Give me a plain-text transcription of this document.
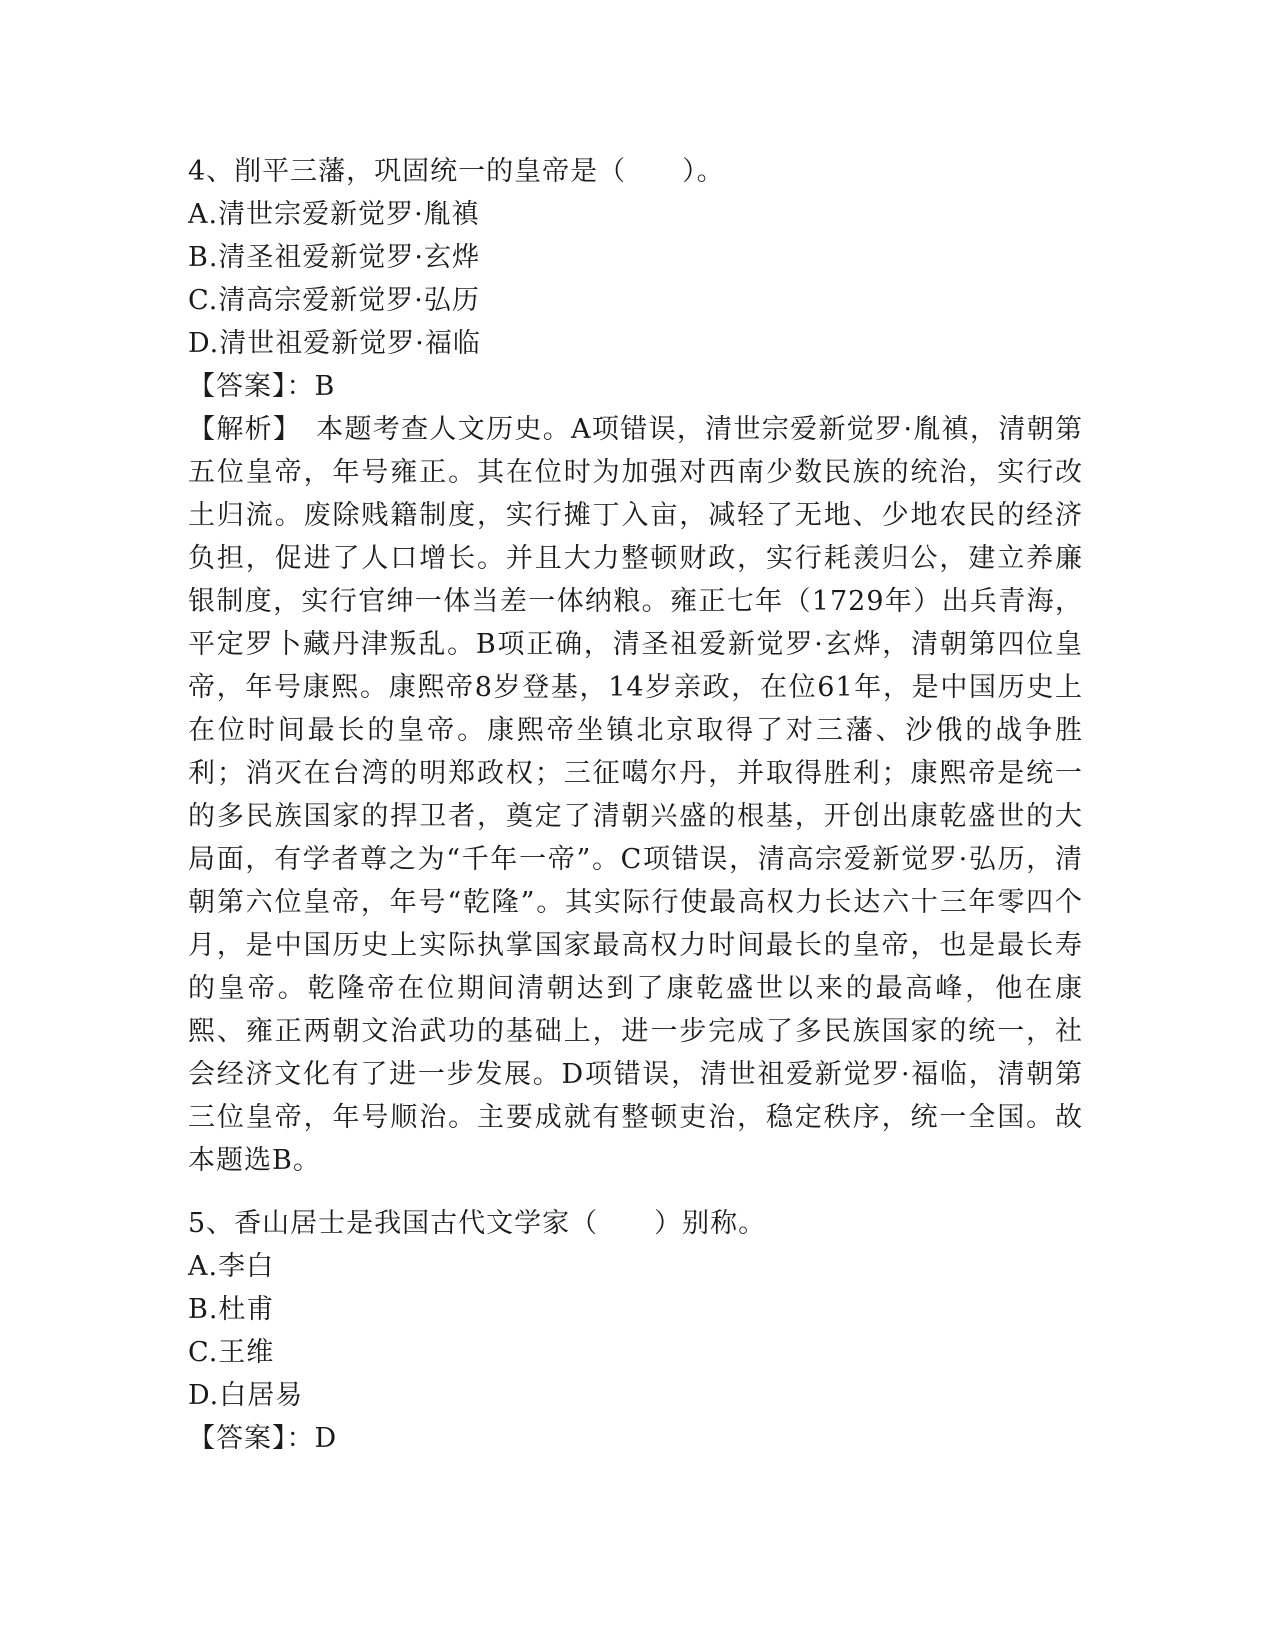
4、削平三藩，巩固统一的皇帝是（　　）。
A.清世宗爱新觉罗·胤禛
B.清圣祖爱新觉罗·玄烨
C.清高宗爱新觉罗·弘历
D.清世祖爱新觉罗·福临
【答案】：B
【解析】　本题考查人文历史。A项错误，清世宗爱新觉罗·胤禛，清朝第五位皇帝，年号雍正。其在位时为加强对西南少数民族的统治，实行改土归流。废除贱籍制度，实行摊丁入亩，减轻了无地、少地农民的经济负担，促进了人口增长。并且大力整顿财政，实行耗羡归公，建立养廉银制度，实行官绅一体当差一体纳粮。雍正七年（1729年）出兵青海，平定罗卜藏丹津叛乱。B项正确，清圣祖爱新觉罗·玄烨，清朝第四位皇帝，年号康熙。康熙帝8岁登基，14岁亲政，在位61年，是中国历史上在位时间最长的皇帝。康熙帝坐镇北京取得了对三藩、沙俄的战争胜利；消灭在台湾的明郑政权；三征噶尔丹，并取得胜利；康熙帝是统一的多民族国家的捍卫者，奠定了清朝兴盛的根基，开创出康乾盛世的大局面，有学者尊之为“千年一帝”。C项错误，清高宗爱新觉罗·弘历，清朝第六位皇帝，年号“乾隆”。其实际行使最高权力长达六十三年零四个月，是中国历史上实际执掌国家最高权力时间最长的皇帝，也是最长寿的皇帝。乾隆帝在位期间清朝达到了康乾盛世以来的最高峰，他在康熙、雍正两朝文治武功的基础上，进一步完成了多民族国家的统一，社会经济文化有了进一步发展。D项错误，清世祖爱新觉罗·福临，清朝第三位皇帝，年号顺治。主要成就有整顿吏治，稳定秩序，统一全国。故本题选B。
5、香山居士是我国古代文学家（　　）别称。
A.李白
B.杜甫
C.王维
D.白居易
【答案】：D
